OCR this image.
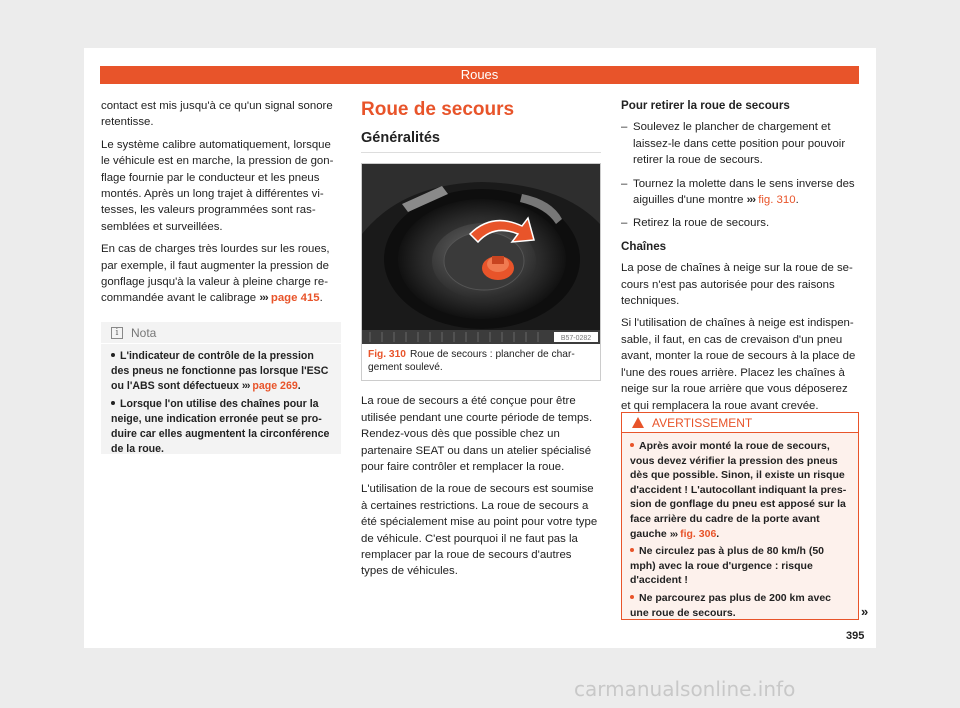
Roues

contact est mis jusqu'à ce qu'un signal sonore retentisse.

Le système calibre automatiquement, lorsque le véhicule est en marche, la pression de gonflage fournie par le conducteur et les pneus montés. Après un long trajet à différentes vitesses, les valeurs programmées sont rassemblées et surveillées.

En cas de charges très lourdes sur les roues, par exemple, il faut augmenter la pression de gonflage jusqu'à la valeur à pleine charge recommandée avant le calibrage ››› page 415.

i	Nota
L'indicateur de contrôle de la pression des pneus ne fonctionne pas lorsque l'ESC ou l'ABS sont défectueux ››› page 269.
Lorsque l'on utilise des chaînes pour la neige, une indication erronée peut se produire car elles augmentent la circonférence de la roue.
Roue de secours
Généralités
B57-0282
Fig. 310 Roue de secours : plancher de chargement soulevé.

La roue de secours a été conçue pour être utilisée pendant une courte période de temps. Rendez-vous dès que possible chez un partenaire SEAT ou dans un atelier spécialisé pour faire contrôler et remplacer la roue.

L'utilisation de la roue de secours est soumise à certaines restrictions. La roue de secours a été spécialement mise au point pour votre type de véhicule. C'est pourquoi il ne faut pas la remplacer par la roue de secours d'autres types de véhicules.

Pour retirer la roue de secours
– Soulevez le plancher de chargement et laissez-le dans cette position pour pouvoir retirer la roue de secours.
– Tournez la molette dans le sens inverse des aiguilles d'une montre ››› fig. 310.
– Retirez la roue de secours.
Chaînes

La pose de chaînes à neige sur la roue de secours n'est pas autorisée pour des raisons techniques.

Si l'utilisation de chaînes à neige est indispensable, il faut, en cas de crevaison d'un pneu avant, monter la roue de secours à la place de l'une des roues arrière. Placez les chaînes à neige sur la roue arrière que vous déposerez et qui remplacera la roue avant crevée.

AVERTISSEMENT
Après avoir monté la roue de secours, vous devez vérifier la pression des pneus dès que possible. Sinon, il existe un risque d'accident ! L'autocollant indiquant la pression de gonflage du pneu est apposé sur la face arrière du cadre de la porte avant gauche ››› fig. 306.
Ne circulez pas à plus de 80 km/h (50 mph) avec la roue d'urgence : risque d'accident !
Ne parcourez pas plus de 200 km avec une roue de secours.	»
395
carmanualsonline.info
